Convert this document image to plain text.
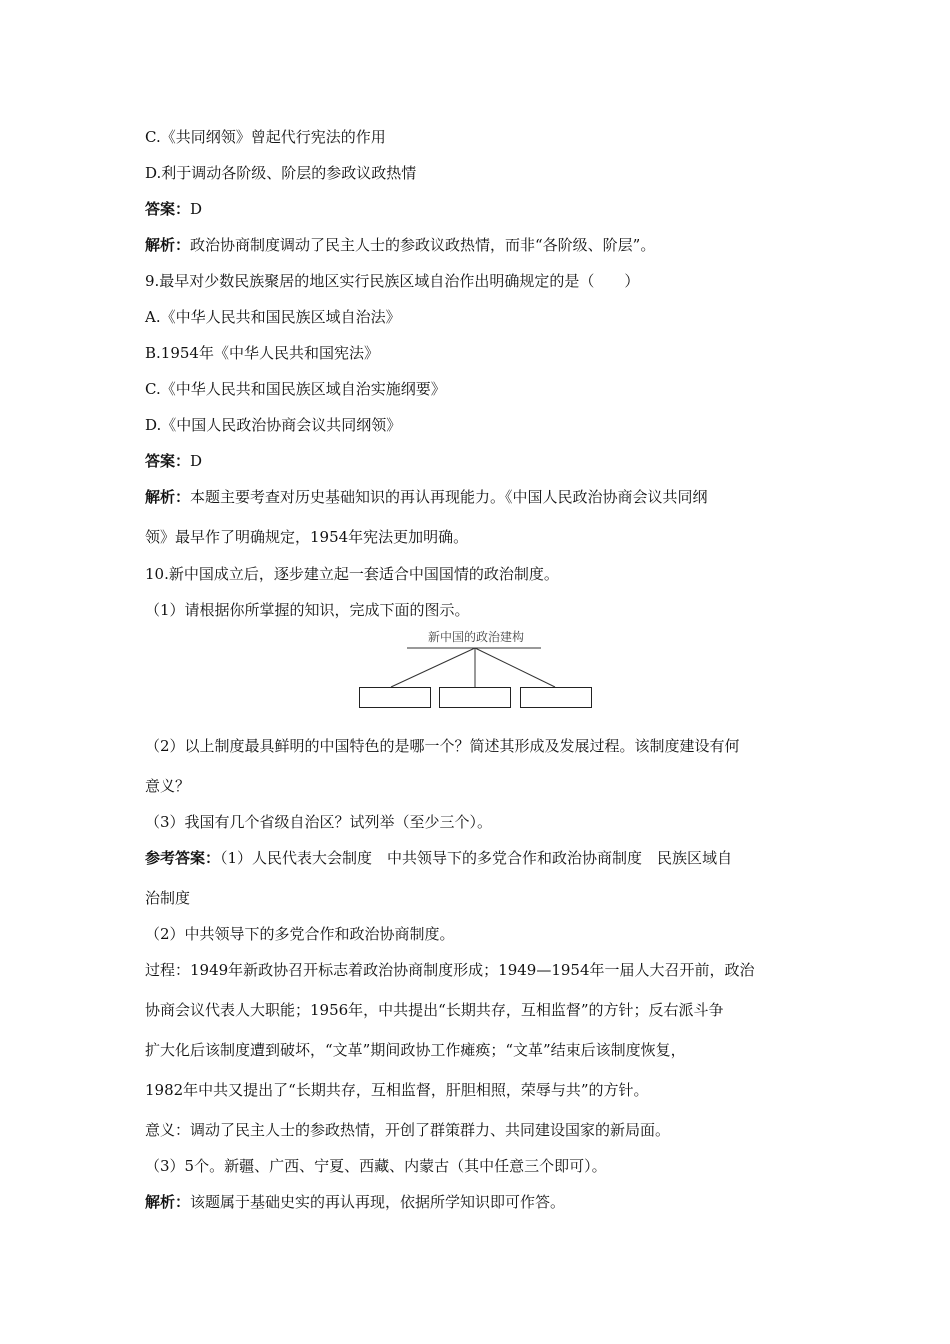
C.《共同纲领》曾起代行宪法的作用
D.利于调动各阶级、阶层的参政议政热情
答案：D
解析：政治协商制度调动了民主人士的参政议政热情，而非“各阶级、阶层”。
9.最早对少数民族聚居的地区实行民族区域自治作出明确规定的是（　　）
A.《中华人民共和国民族区域自治法》
B.1954年《中华人民共和国宪法》
C.《中华人民共和国民族区域自治实施纲要》
D.《中国人民政治协商会议共同纲领》
答案：D
解析：本题主要考查对历史基础知识的再认再现能力。《中国人民政治协商会议共同纲
领》最早作了明确规定，1954年宪法更加明确。
10.新中国成立后，逐步建立起一套适合中国国情的政治制度。
（1）请根据你所掌握的知识，完成下面的图示。
新中国的政治建构
（2）以上制度最具鲜明的中国特色的是哪一个？简述其形成及发展过程。该制度建设有何
意义？
（3）我国有几个省级自治区？试列举（至少三个）。
参考答案：（1）人民代表大会制度　中共领导下的多党合作和政治协商制度　民族区域自
治制度
（2）中共领导下的多党合作和政治协商制度。
过程：1949年新政协召开标志着政治协商制度形成；1949—1954年一届人大召开前，政治
协商会议代表人大职能；1956年，中共提出“长期共存，互相监督”的方针；反右派斗争
扩大化后该制度遭到破坏，“文革”期间政协工作瘫痪；“文革”结束后该制度恢复，
1982年中共又提出了“长期共存，互相监督，肝胆相照，荣辱与共”的方针。
意义：调动了民主人士的参政热情，开创了群策群力、共同建设国家的新局面。
（3）5个。新疆、广西、宁夏、西藏、内蒙古（其中任意三个即可）。
解析：该题属于基础史实的再认再现，依据所学知识即可作答。
